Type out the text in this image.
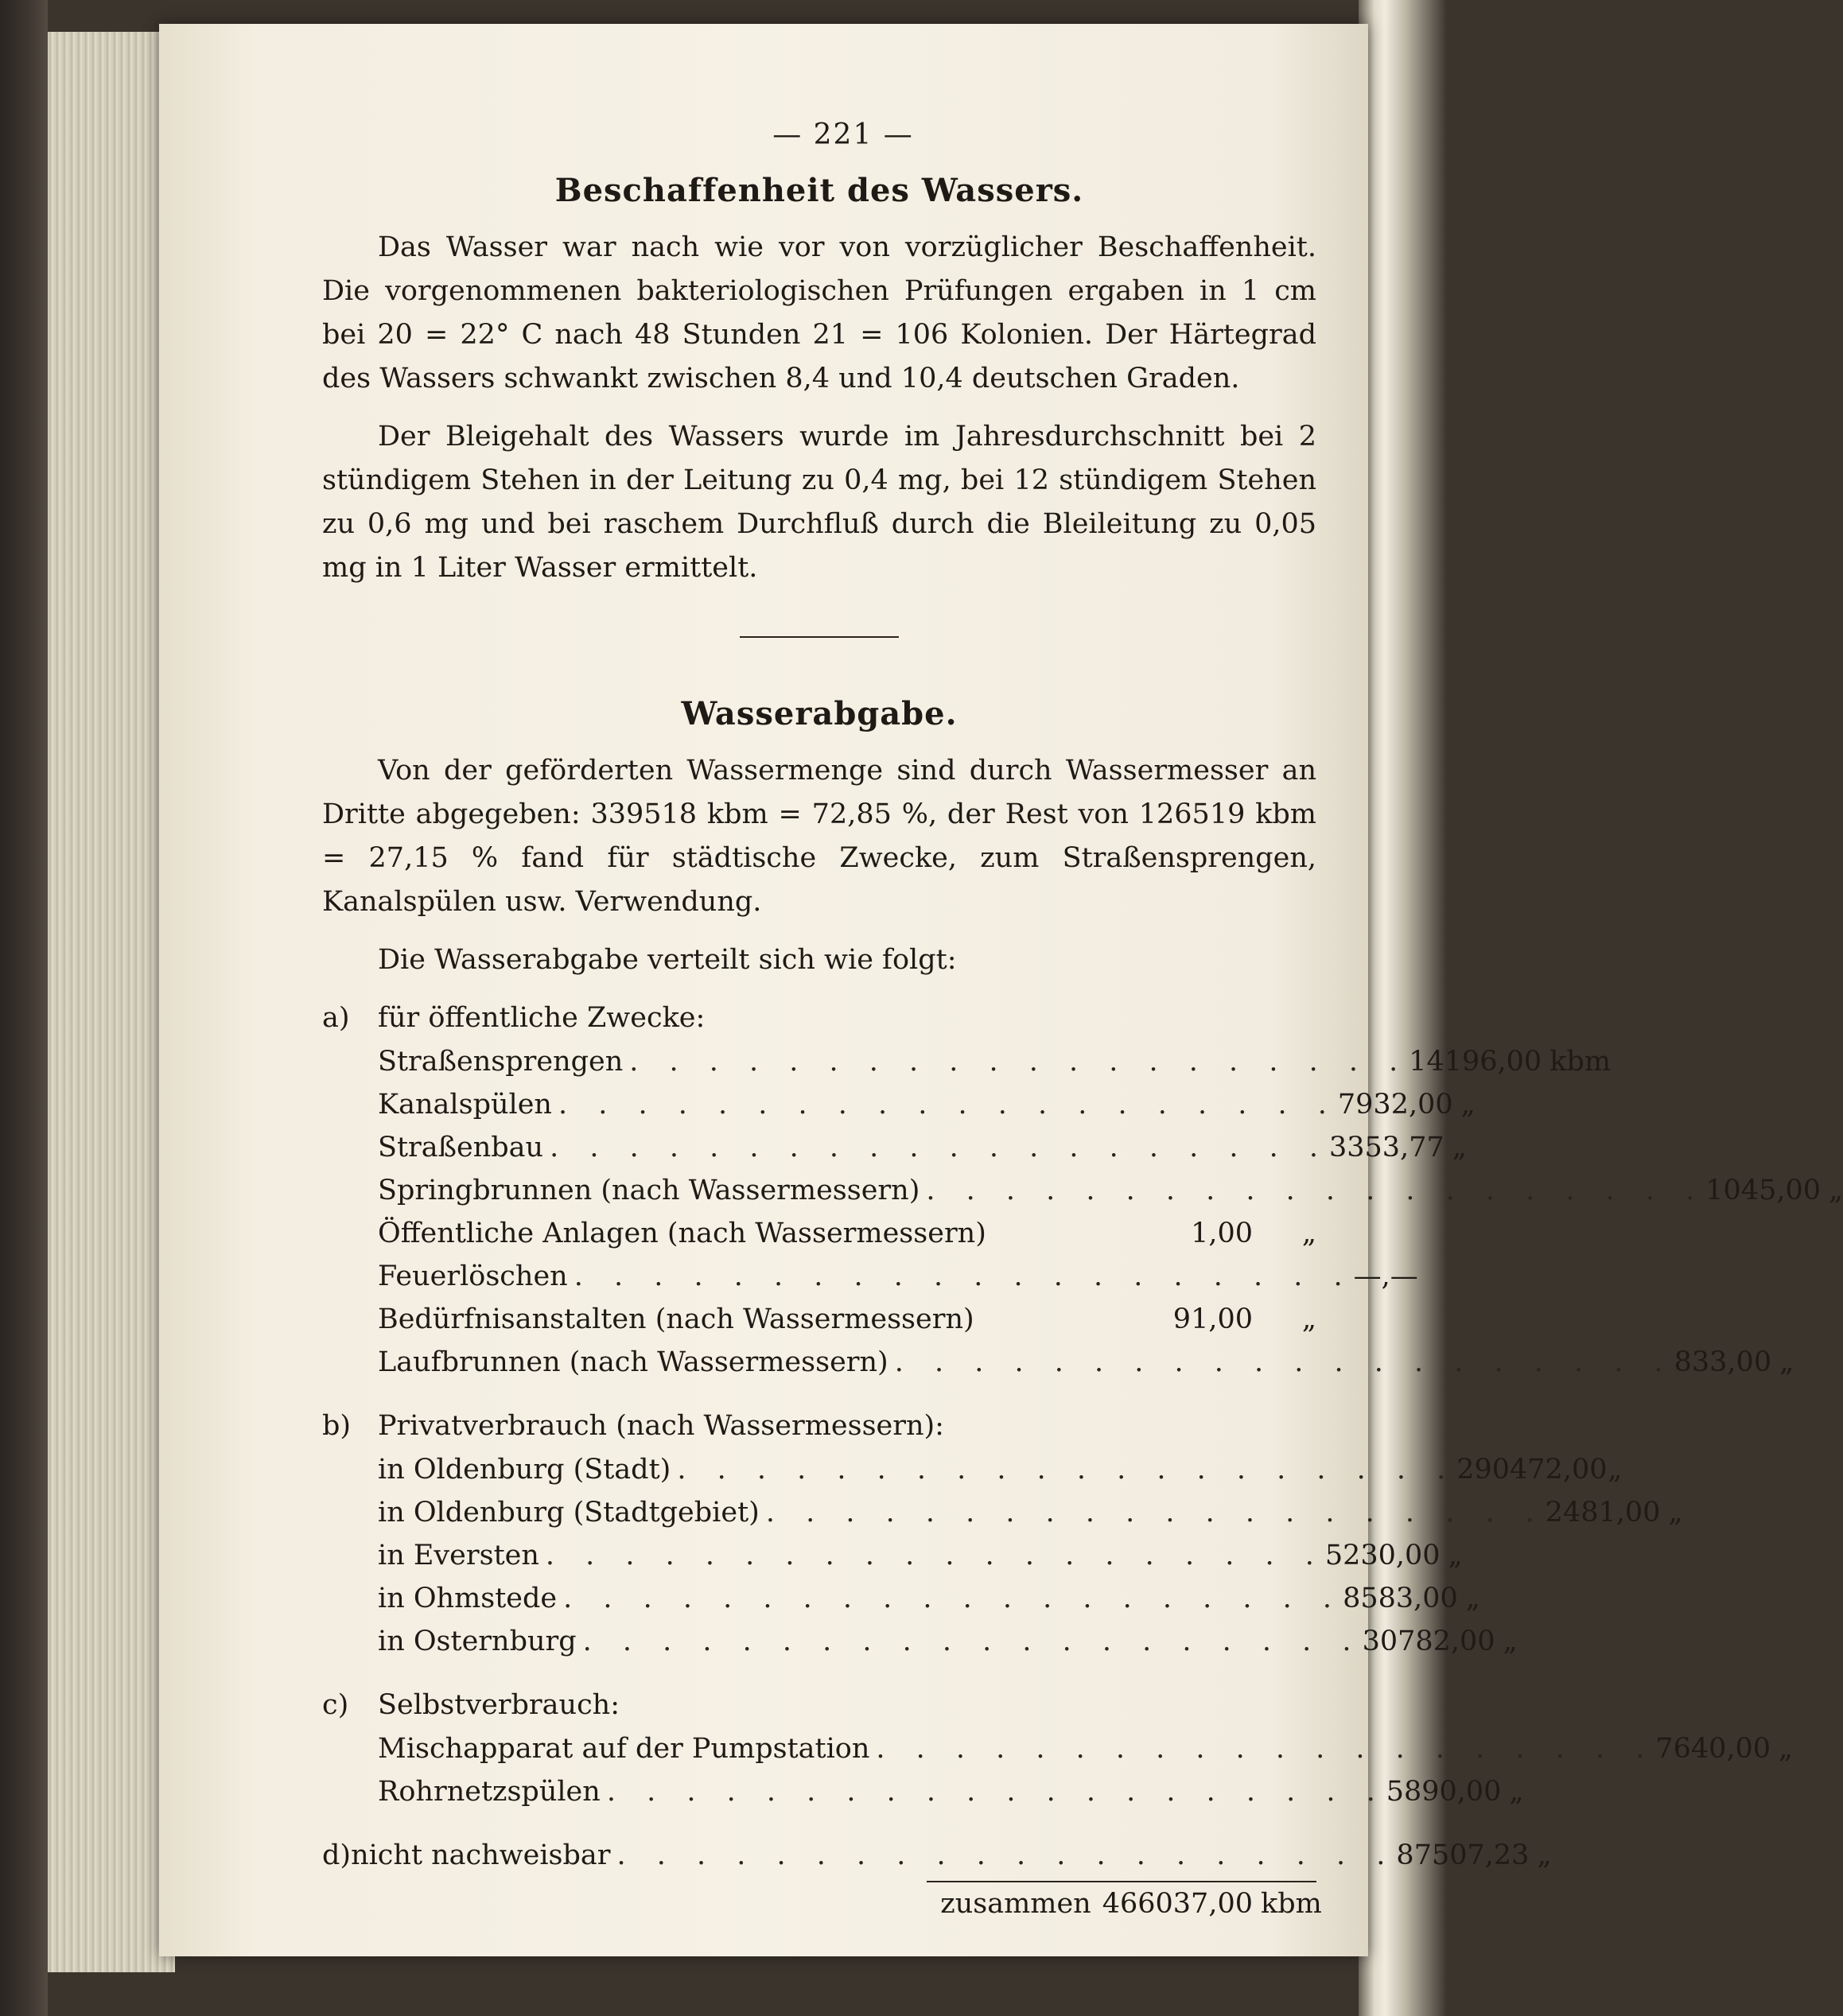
— 221 —
Beschaffenheit des Wassers.

Das Wasser war nach wie vor von vorzüglicher Beschaffenheit. Die vorgenommenen bakteriologischen Prüfungen ergaben in 1 cm bei 20 = 22° C nach 48 Stunden 21 = 106 Kolonien. Der Härtegrad des Wassers schwankt zwischen 8,4 und 10,4 deutschen Graden.

Der Bleigehalt des Wassers wurde im Jahresdurchschnitt bei 2 stündigem Stehen in der Leitung zu 0,4 mg, bei 12 stündigem Stehen zu 0,6 mg und bei raschem Durchfluß durch die Bleileitung zu 0,05 mg in 1 Liter Wasser ermittelt.

Wasserabgabe.

Von der geförderten Wassermenge sind durch Wassermesser an Dritte abgegeben: 339518 kbm = 72,85 %, der Rest von 126519 kbm = 27,15 % fand für städtische Zwecke, zum Straßensprengen, Kanalspülen usw. Verwendung.

Die Wasserabgabe verteilt sich wie folgt:

a)	für öffentliche Zwecke:
Straßensprengen . . . . . . . . . . . . . . . . . . . . 14196,00 kbm
Kanalspülen . . . . . . . . . . . . . . . . . . . . 7932,00 „
Straßenbau . . . . . . . . . . . . . . . . . . . . 3353,77 „
Springbrunnen (nach Wassermessern) . . . . . . . . . . . . . . . . . . . . 1045,00 „
Öffentliche Anlagen (nach Wassermessern)	1,00	„
Feuerlöschen . . . . . . . . . . . . . . . . . . . . —,—
Bedürfnisanstalten (nach Wassermessern)	91,00	„
Laufbrunnen (nach Wassermessern) . . . . . . . . . . . . . . . . . . . . 833,00 „
b) Privatverbrauch (nach Wassermessern):
in Oldenburg (Stadt) . . . . . . . . . . . . . . . . . . . . 290472,00 „
in Oldenburg (Stadtgebiet) . . . . . . . . . . . . . . . . . . . . 2481,00 „
in Eversten . . . . . . . . . . . . . . . . . . . . 5230,00 „
in Ohmstede . . . . . . . . . . . . . . . . . . . . 8583,00 „
in Osternburg . . . . . . . . . . . . . . . . . . . . 30782,00 „
c)	Selbstverbrauch:
Mischapparat auf der Pumpstation . . . . . . . . . . . . . . . . . . . . 7640,00 „
Rohrnetzspülen . . . . . . . . . . . . . . . . . . . . 5890,00 „
d) nicht nachweisbar . . . . . . . . . . . . . . . . . . . . 87507,23 „
zusammen 466037,00 kbm
